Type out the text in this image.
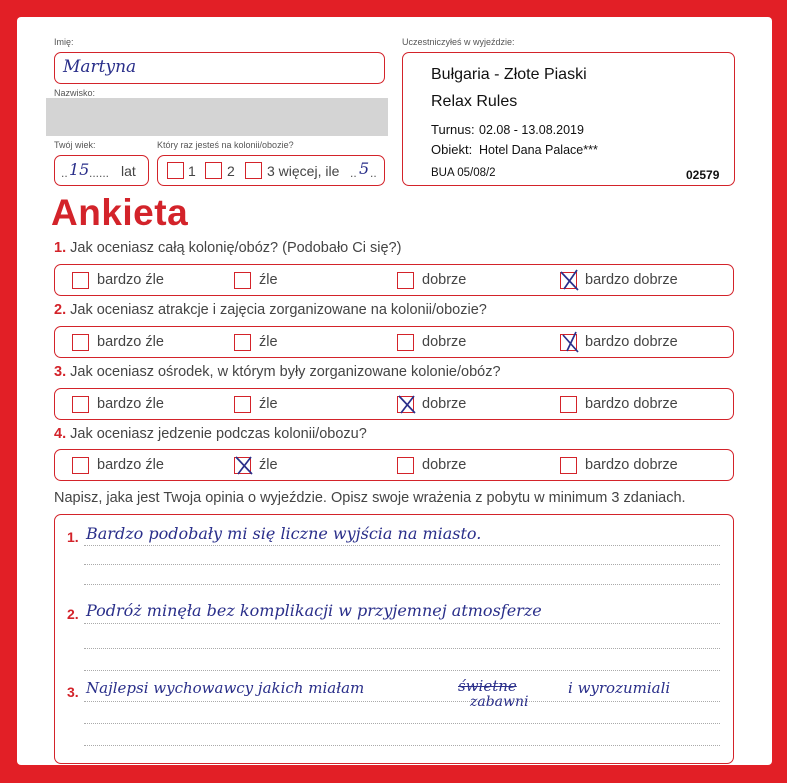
Imię:
Martyna
Nazwisko:
Twój wiek:
.. 15 ...... lat
Który raz jesteś na kolonii/obozie?
1 2 3 więcej, ile .. 5 ..
Uczestniczyłeś w wyjeździe:
Bułgaria - Złote Piaski
Relax Rules
Turnus: 02.08 - 13.08.2019
Obiekt: Hotel Dana Palace***
BUA 05/08/2	02579
Ankieta
1. Jak oceniasz całą kolonię/obóz? (Podobało Ci się?)
bardzo źle	źle	dobrze	bardzo dobrze
2. Jak oceniasz atrakcje i zajęcia zorganizowane na kolonii/obozie?
bardzo źle	źle	dobrze	bardzo dobrze
3. Jak oceniasz ośrodek, w którym były zorganizowane kolonie/obóz?
bardzo źle	źle	dobrze	bardzo dobrze
4. Jak oceniasz jedzenie podczas kolonii/obozu?
bardzo źle	źle	dobrze	bardzo dobrze
Napisz, jaka jest Twoja opinia o wyjeździe. Opisz swoje wrażenia z pobytu w minimum 3 zdaniach.
1. Bardzo podobały mi się liczne wyjścia na miasto.
2. Podróż minęła bez komplikacji w przyjemnej atmosferze
3. Najlepsi wychowawcy jakich miałam	świetne
zabawni
i wyrozumiali
